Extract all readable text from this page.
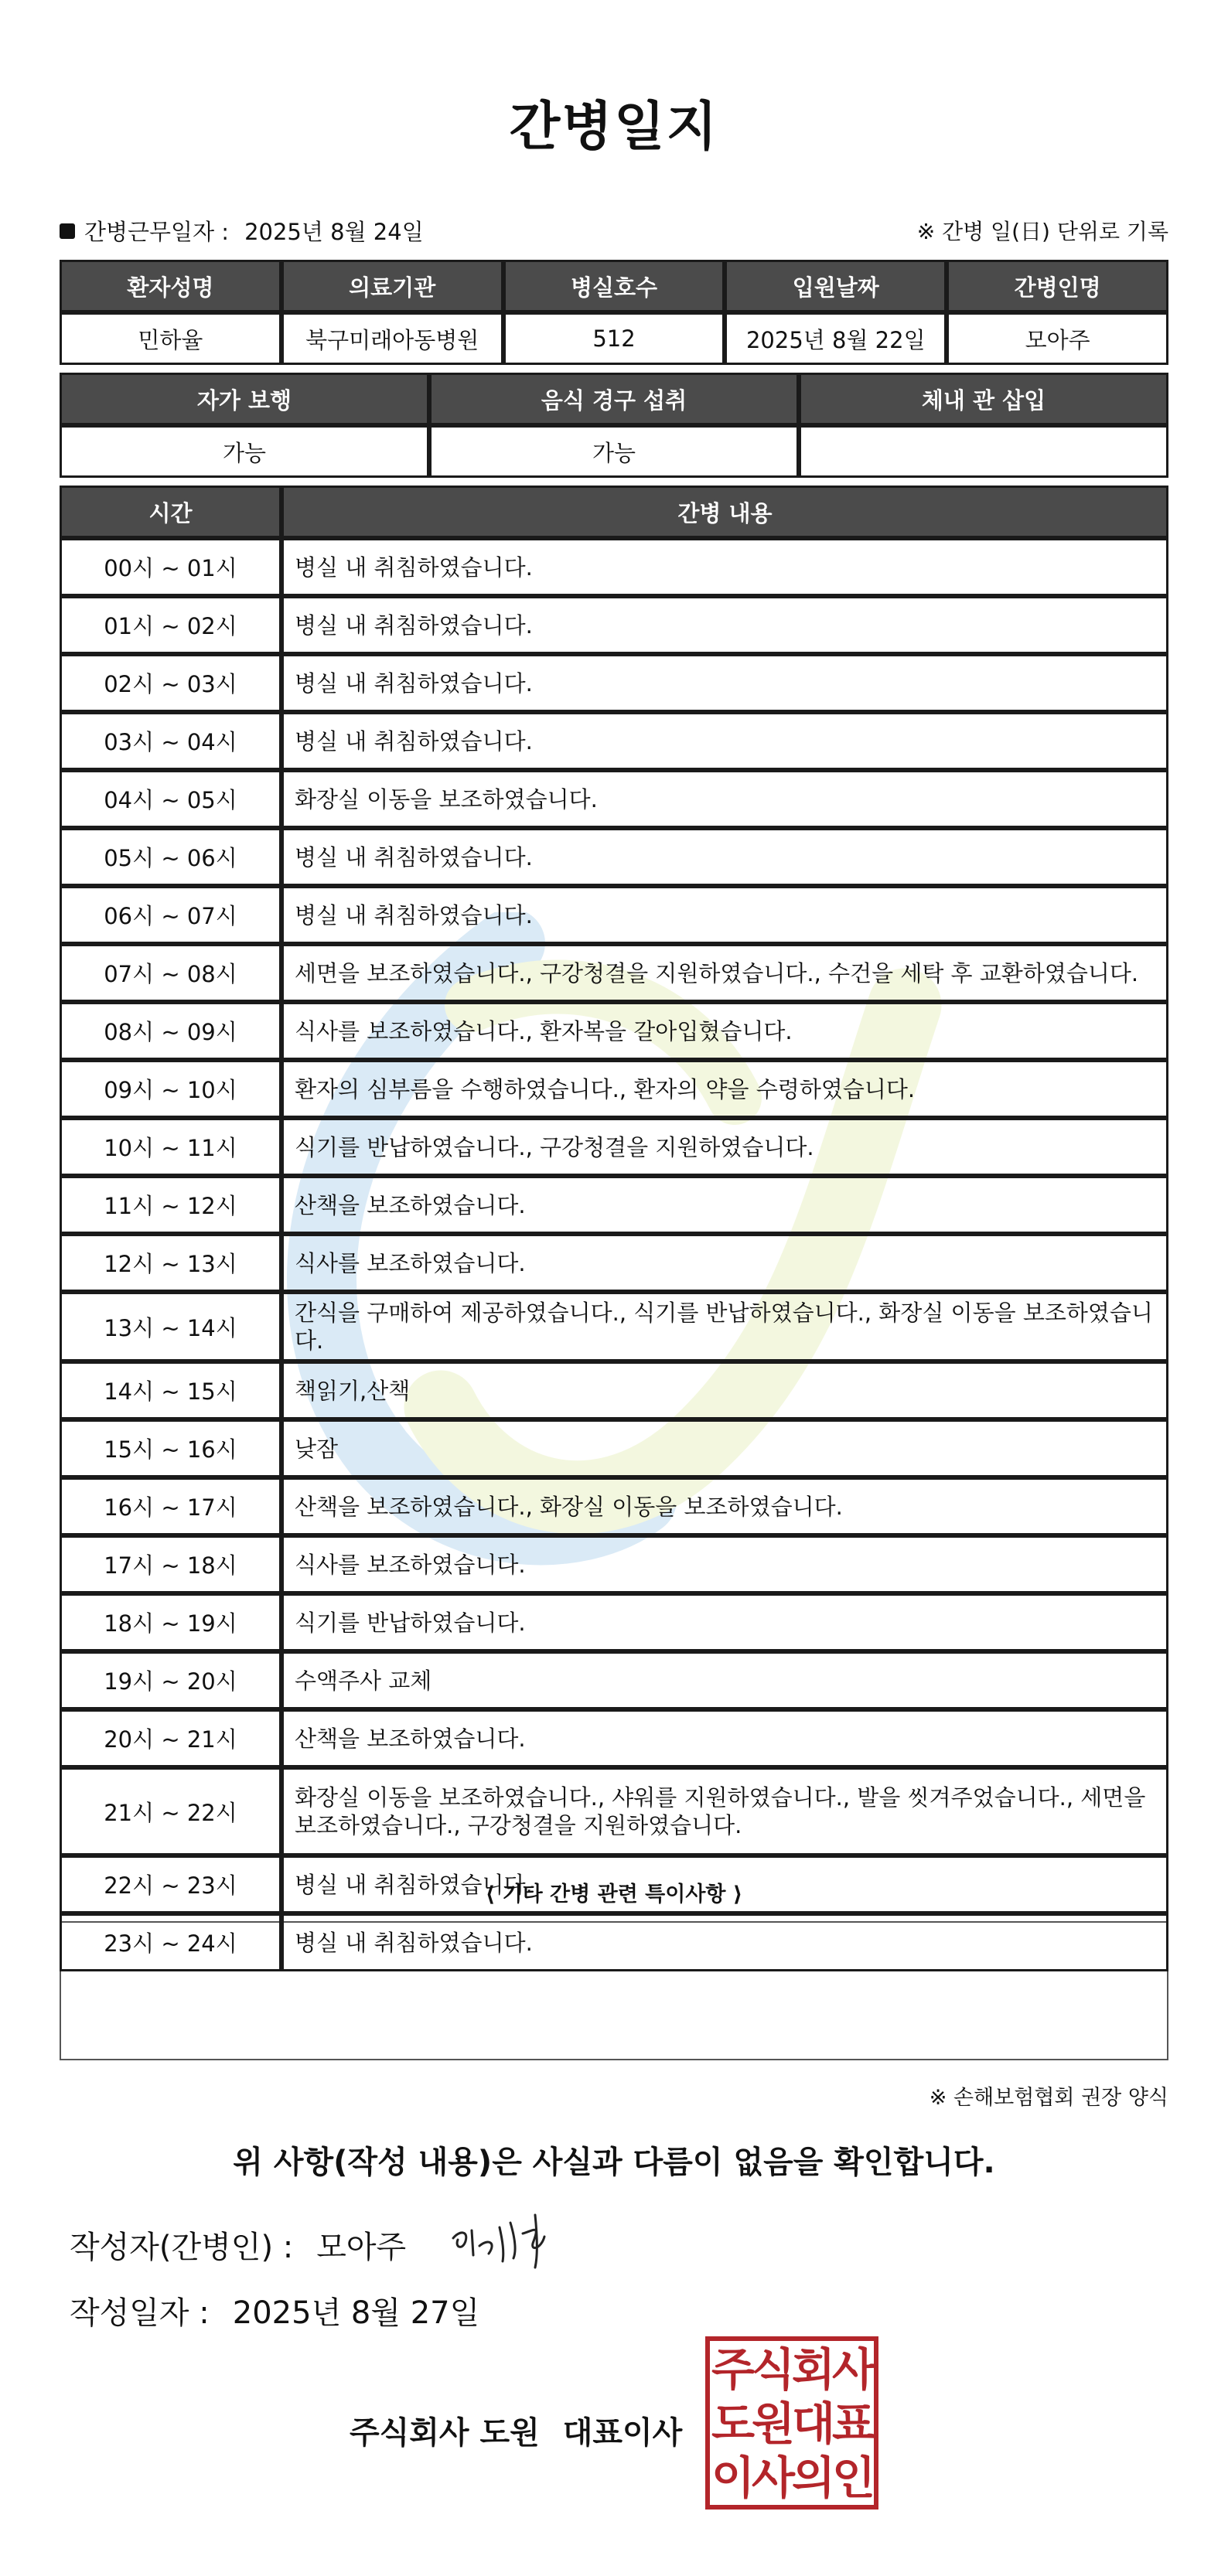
간병일지
간병근무일자 : 2025년 8월 24일	※ 간병 일(日) 단위로 기록
환자성명	의료기관	병실호수	입원날짜	간병인명
민하율	북구미래아동병원	512	2025년 8월 22일	모아주
자가 보행	음식 경구 섭취	체내 관 삽입
가능	가능	
시간	간병 내용
00시 ~ 01시	병실 내 취침하였습니다.
01시 ~ 02시	병실 내 취침하였습니다.
02시 ~ 03시	병실 내 취침하였습니다.
03시 ~ 04시	병실 내 취침하였습니다.
04시 ~ 05시	화장실 이동을 보조하였습니다.
05시 ~ 06시	병실 내 취침하였습니다.
06시 ~ 07시	병실 내 취침하였습니다.
07시 ~ 08시	세면을 보조하였습니다., 구강청결을 지원하였습니다., 수건을 세탁 후 교환하였습니다.
08시 ~ 09시	식사를 보조하였습니다., 환자복을 갈아입혔습니다.
09시 ~ 10시	환자의 심부름을 수행하였습니다., 환자의 약을 수령하였습니다.
10시 ~ 11시	식기를 반납하였습니다., 구강청결을 지원하였습니다.
11시 ~ 12시	산책을 보조하였습니다.
12시 ~ 13시	식사를 보조하였습니다.
13시 ~ 14시	간식을 구매하여 제공하였습니다., 식기를 반납하였습니다., 화장실 이동을 보조하였습니다.
14시 ~ 15시	책읽기,산책
15시 ~ 16시	낮잠
16시 ~ 17시	산책을 보조하였습니다., 화장실 이동을 보조하였습니다.
17시 ~ 18시	식사를 보조하였습니다.
18시 ~ 19시	식기를 반납하였습니다.
19시 ~ 20시	수액주사 교체
20시 ~ 21시	산책을 보조하였습니다.
21시 ~ 22시	화장실 이동을 보조하였습니다., 샤워를 지원하였습니다., 발을 씻겨주었습니다., 세면을 보조하였습니다., 구강청결을 지원하였습니다.
22시 ~ 23시	병실 내 취침하였습니다.
23시 ~ 24시	병실 내 취침하였습니다.
⟨ 기타 간병 관련 특이사항 ⟩
※ 손해보험협회 권장 양식
위 사항(작성 내용)은 사실과 다름이 없음을 확인합니다.
작성자(간병인) : 모아주
작성일자 : 2025년 8월 27일
주식회사 도원 대표이사
주식회사
도원대표
이사의인
